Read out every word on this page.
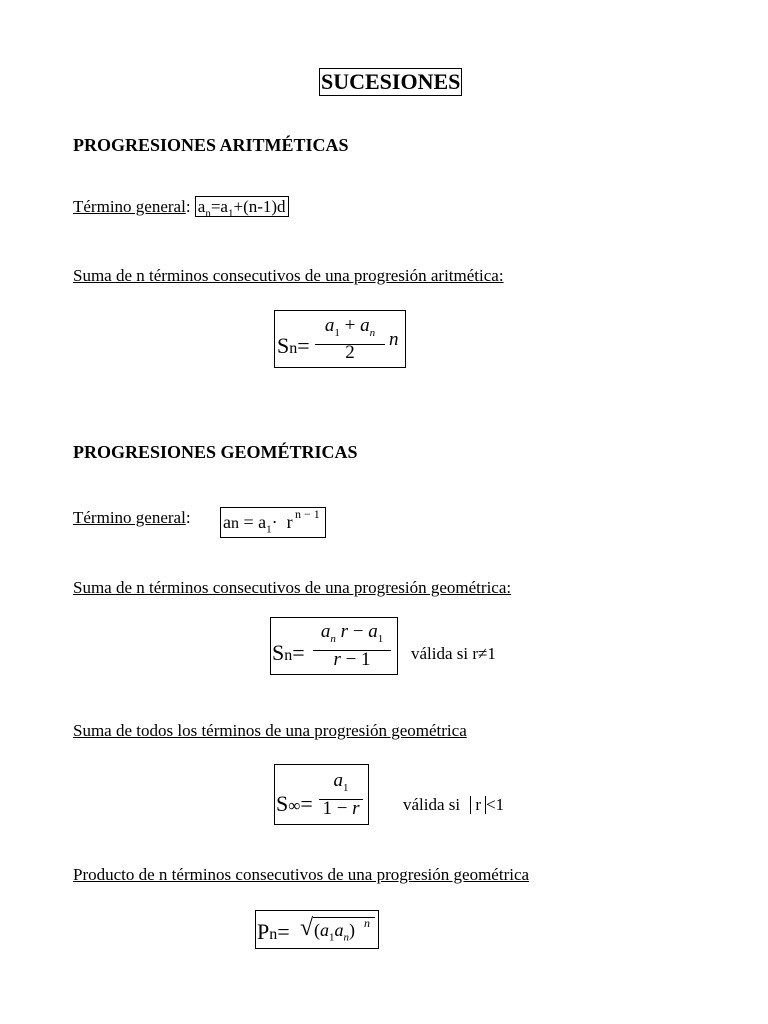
SUCESIONES
PROGRESIONES ARITMÉTICAS
Término general: $a_n=a_1+(n-1)d$
Suma de n términos consecutivos de una progresión aritmética:
Sn=
$a_1 + a_n$
2
n
PROGRESIONES GEOMÉTRICAS
Término general: an = $a_1\cdot r$ n − 1
Suma de n términos consecutivos de una progresión geométrica:
Sn=
$a_n$ $r - a_1$
r − 1	válida si r≠1
Suma de todos los términos de una progresión geométrica
S∞=
$a_1$
1 − r	válida si r <1
Producto de n términos consecutivos de una progresión geométrica
Pn= √ $(a_1a_n)$ n
